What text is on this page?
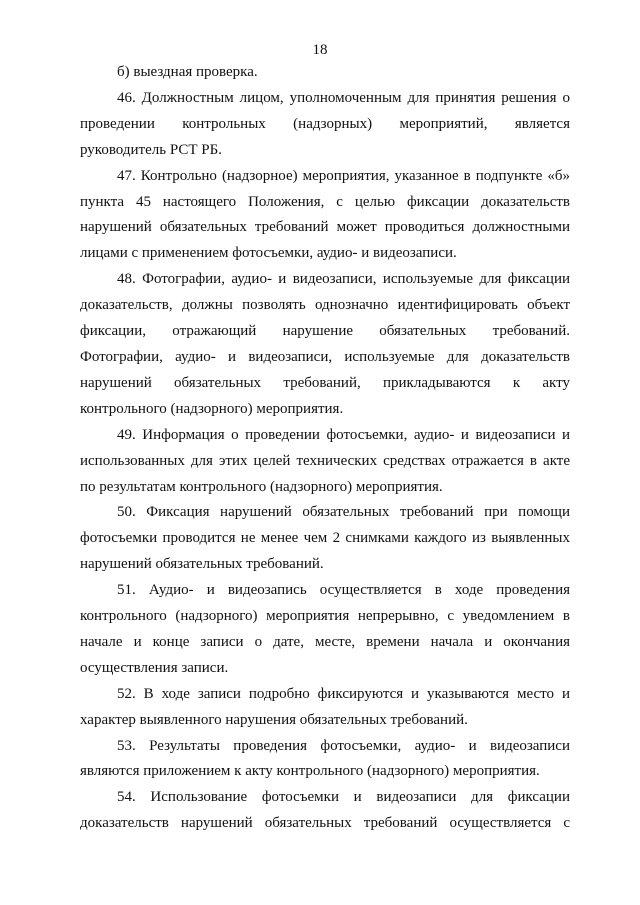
18
б) выездная проверка.
46. Должностным лицом, уполномоченным для принятия решения о
проведении контрольных (надзорных) мероприятий, является
руководитель РСТ РБ.
47. Контрольно (надзорное) мероприятия, указанное в подпункте «б»
пункта 45 настоящего Положения, с целью фиксации доказательств
нарушений обязательных требований может проводиться должностными
лицами с применением фотосъемки, аудио- и видеозаписи.
48. Фотографии, аудио- и видеозаписи, используемые для фиксации
доказательств, должны позволять однозначно идентифицировать объект
фиксации, отражающий нарушение обязательных требований.
Фотографии, аудио- и видеозаписи, используемые для доказательств
нарушений обязательных требований, прикладываются к акту
контрольного (надзорного) мероприятия.
49. Информация о проведении фотосъемки, аудио- и видеозаписи и
использованных для этих целей технических средствах отражается в акте
по результатам контрольного (надзорного) мероприятия.
50. Фиксация нарушений обязательных требований при помощи
фотосъемки проводится не менее чем 2 снимками каждого из выявленных
нарушений обязательных требований.
51. Аудио- и видеозапись осуществляется в ходе проведения
контрольного (надзорного) мероприятия непрерывно, с уведомлением в
начале и конце записи о дате, месте, времени начала и окончания
осуществления записи.
52. В ходе записи подробно фиксируются и указываются место и
характер выявленного нарушения обязательных требований.
53. Результаты проведения фотосъемки, аудио- и видеозаписи
являются приложением к акту контрольного (надзорного) мероприятия.
54. Использование фотосъемки и видеозаписи для фиксации
доказательств нарушений обязательных требований осуществляется с
